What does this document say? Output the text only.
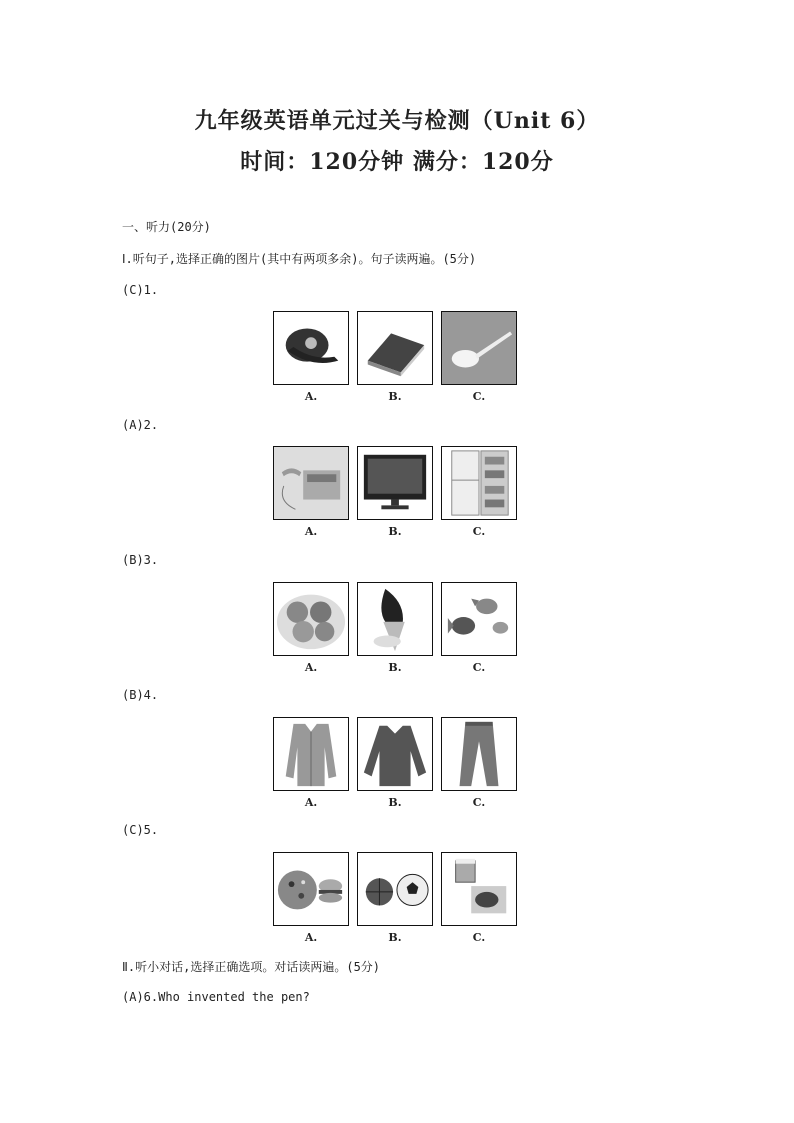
九年级英语单元过关与检测（Unit 6）
时间：120分钟 满分：120分
一、听力(20分)
Ⅰ.听句子,选择正确的图片(其中有两项多余)。句子读两遍。(5分)
(C)1.
A.	B.	C.
(A)2.
A.	B.	C.
(B)3.
A.	B.	C.
(B)4.
A.	B.	C.
(C)5.
A.	B.	C.
Ⅱ.听小对话,选择正确选项。对话读两遍。(5分)
(A)6.Who invented the pen?
